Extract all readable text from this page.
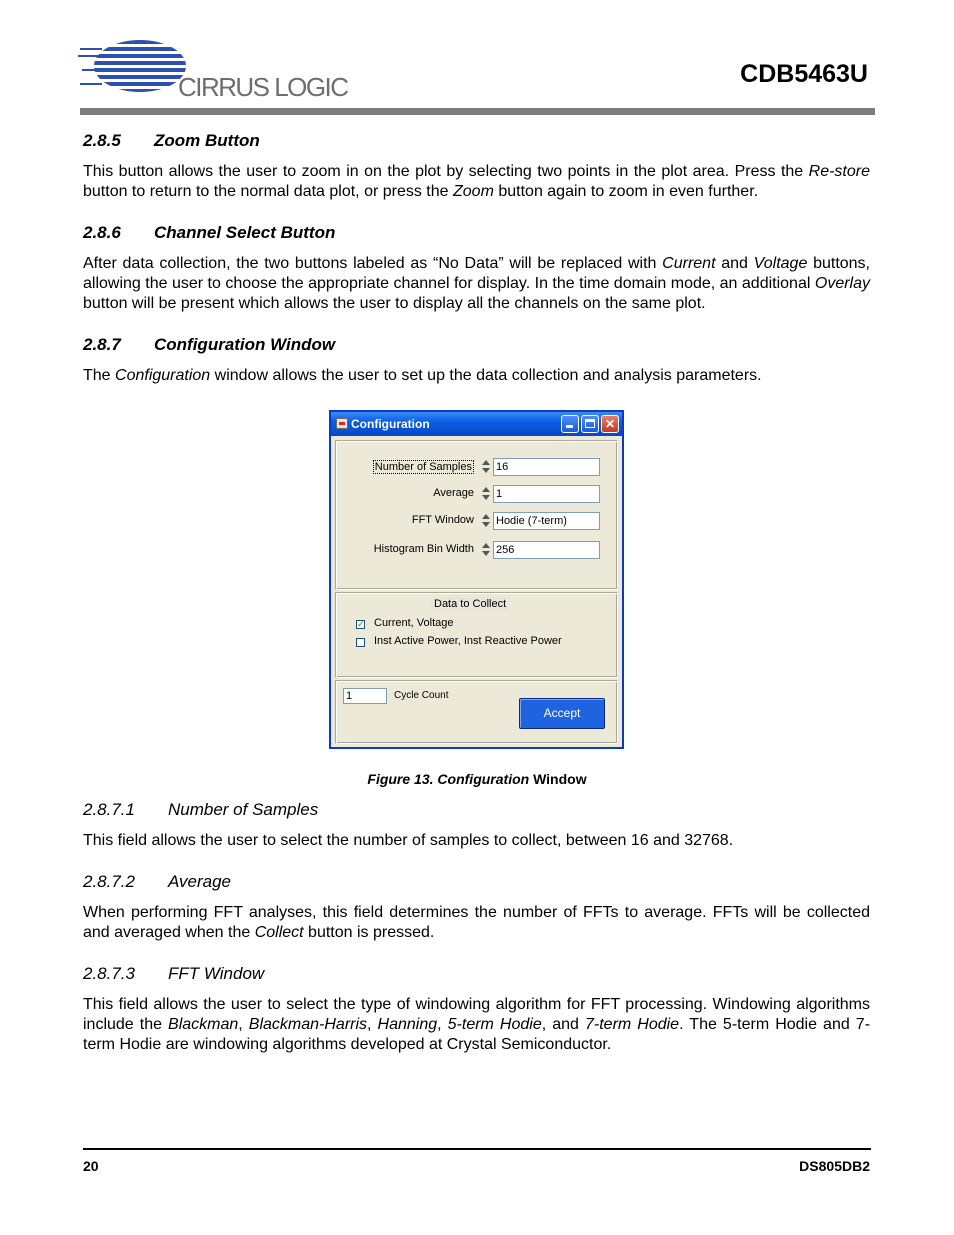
CIRRUS LOGIC	CDB5463U
2.8.5 Zoom Button
This button allows the user to zoom in on the plot by selecting two points in the plot area. Press the Re-store button to return to the normal data plot, or press the Zoom button again to zoom in even further.
2.8.6 Channel Select Button
After data collection, the two buttons labeled as “No Data” will be replaced with Current and Voltage buttons, allowing the user to choose the appropriate channel for display. In the time domain mode, an additional Overlay button will be present which allows the user to display all the channels on the same plot.
2.8.7 Configuration Window
The Configuration window allows the user to set up the data collection and analysis parameters.
Configuration	✕
Number of Samples 16
Average 1
FFT Window Hodie (7-term)
Histogram Bin Width 256
Data to Collect
✓ Current, Voltage
Inst Active Power, Inst Reactive Power
1	Cycle Count
Accept
Figure 13. Configuration Window
2.8.7.1 Number of Samples
This field allows the user to select the number of samples to collect, between 16 and 32768.
2.8.7.2 Average
When performing FFT analyses, this field determines the number of FFTs to average. FFTs will be collected and averaged when the Collect button is pressed.
2.8.7.3 FFT Window
This field allows the user to select the type of windowing algorithm for FFT processing. Windowing algorithms include the Blackman, Blackman-Harris, Hanning, 5-term Hodie, and 7-term Hodie. The 5-term Hodie and 7-term Hodie are windowing algorithms developed at Crystal Semiconductor.
20	DS805DB2
